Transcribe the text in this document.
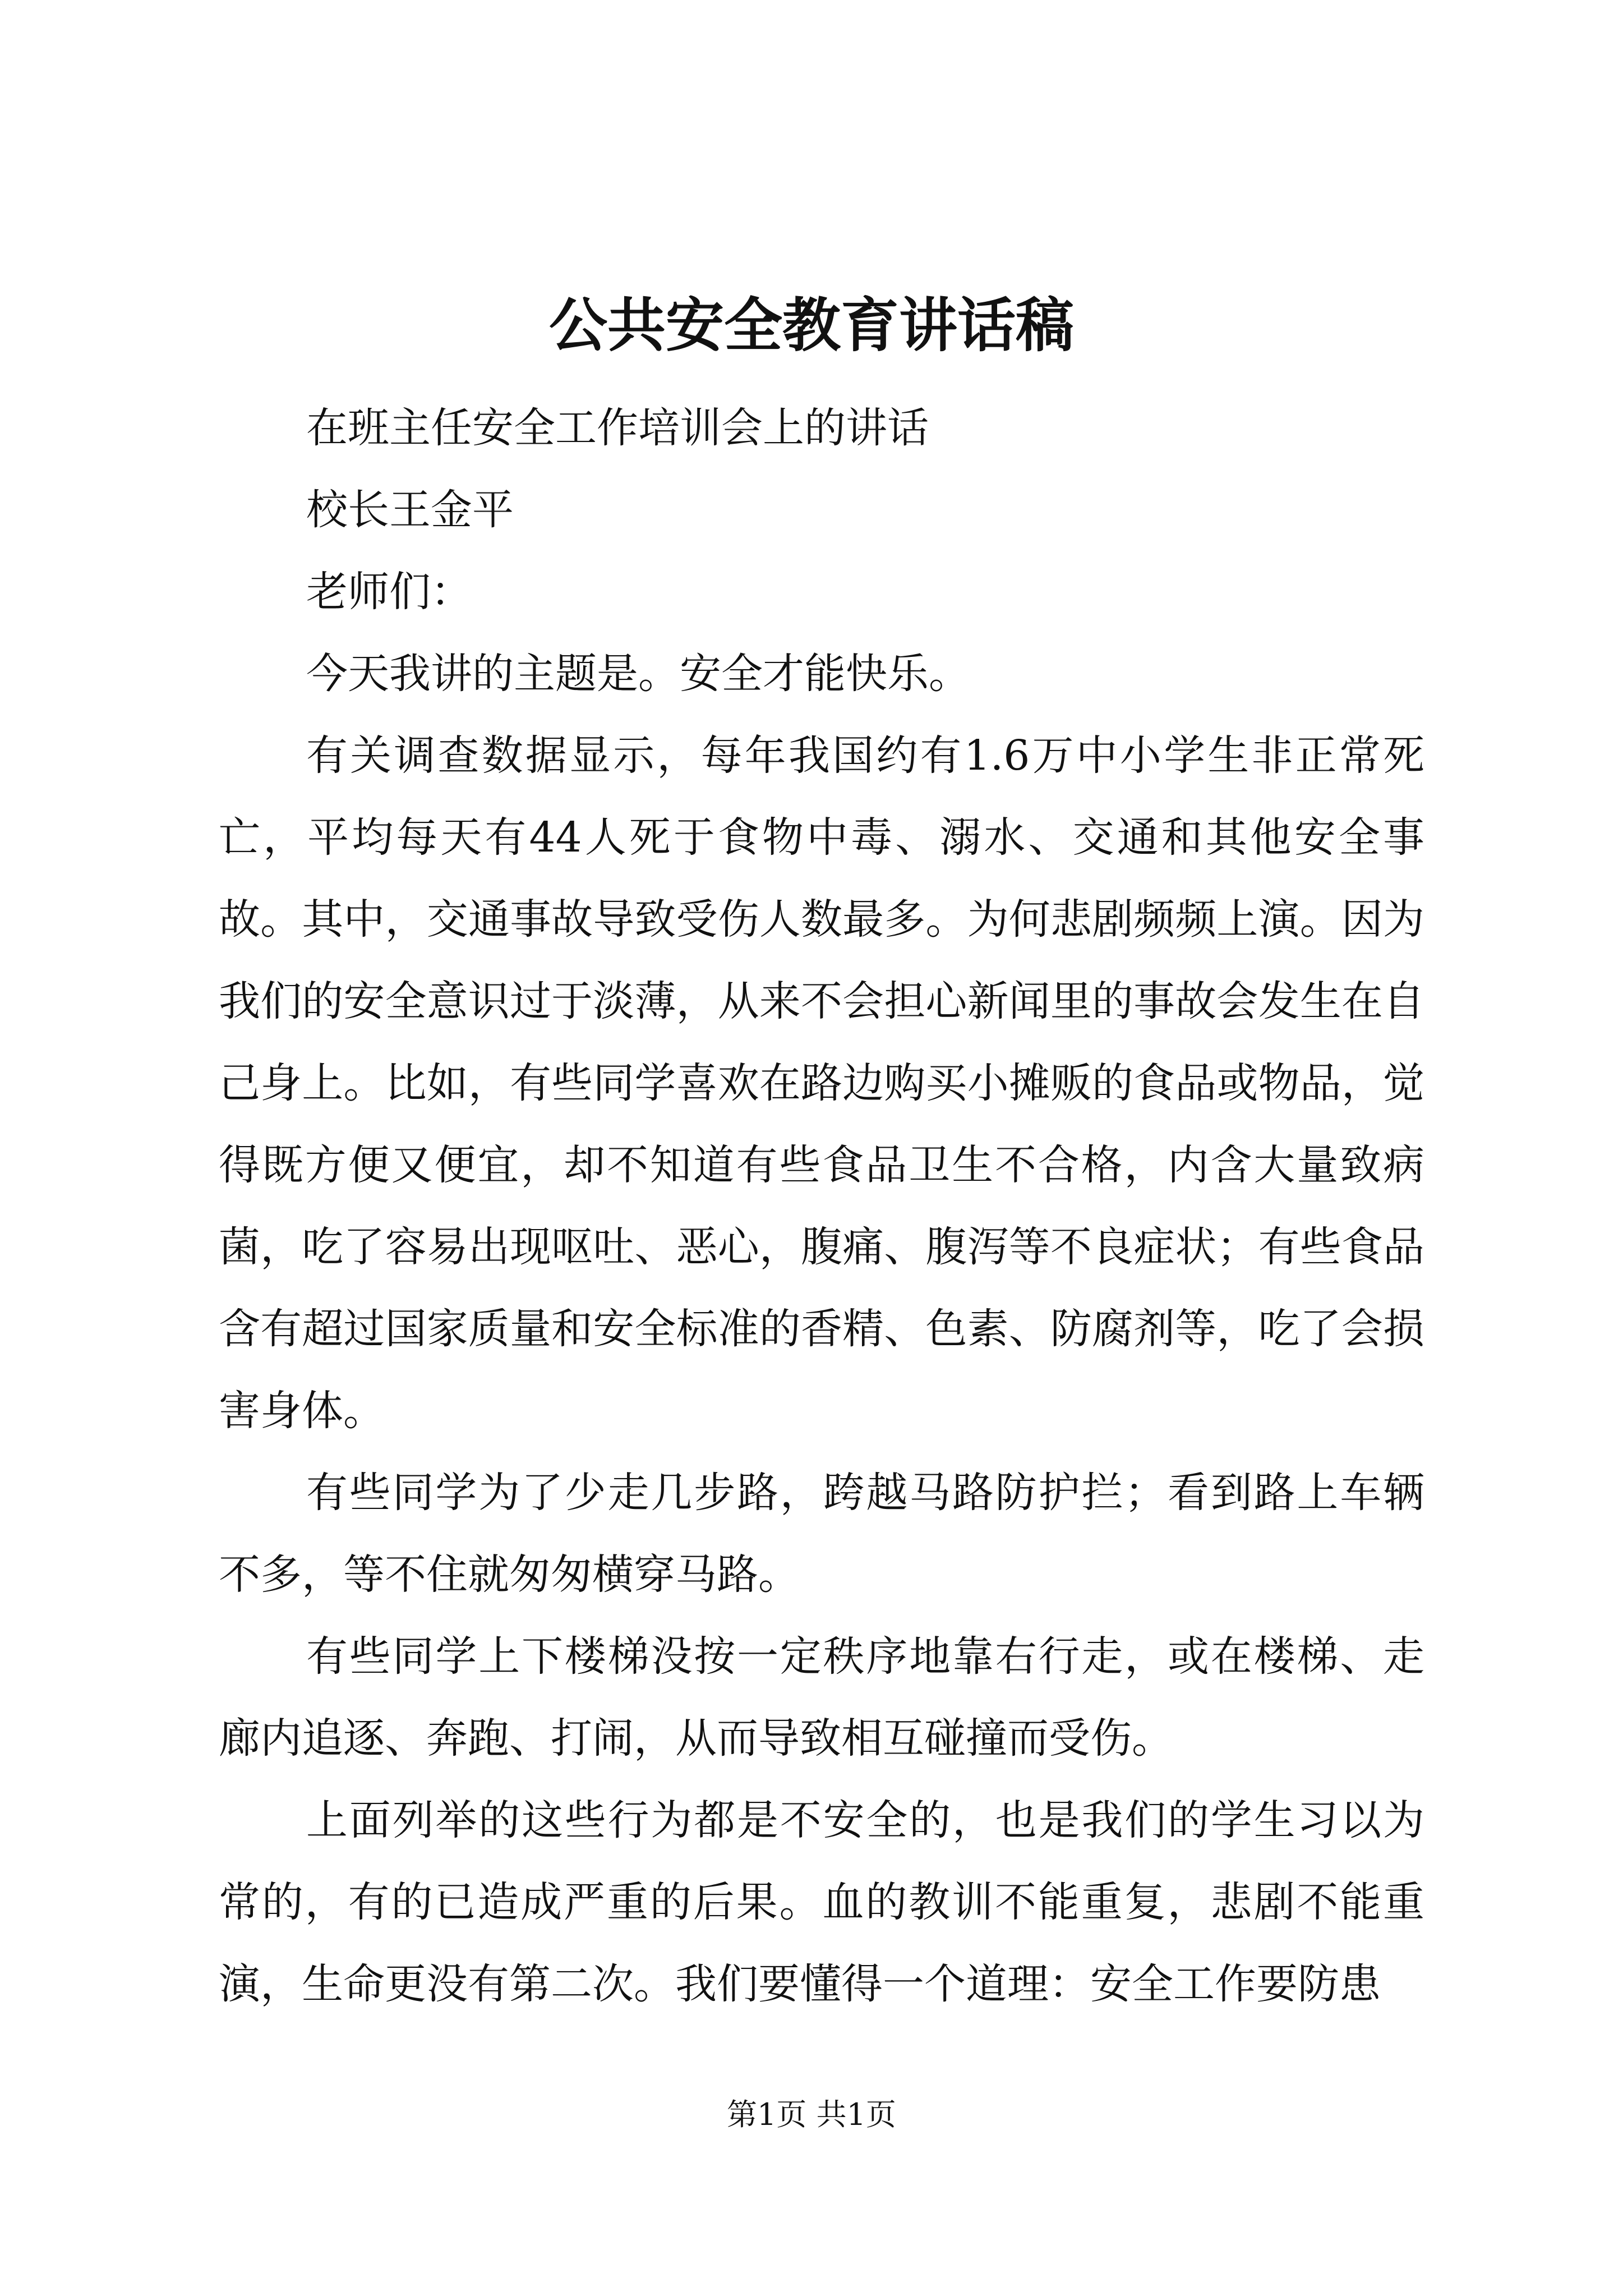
公共安全教育讲话稿

在班主任安全工作培训会上的讲话

校长王金平

老师们：

今天我讲的主题是。安全才能快乐。

有关调查数据显示，每年我国约有1.6万中小学生非正常死亡，平均每天有44人死于食物中毒、溺水、交通和其他安全事故。其中，交通事故导致受伤人数最多。为何悲剧频频上演。因为我们的安全意识过于淡薄，从来不会担心新闻里的事故会发生在自己身上。比如，有些同学喜欢在路边购买小摊贩的食品或物品，觉得既方便又便宜，却不知道有些食品卫生不合格，内含大量致病菌，吃了容易出现呕吐、恶心，腹痛、腹泻等不良症状；有些食品含有超过国家质量和安全标准的香精、色素、防腐剂等，吃了会损害身体。

有些同学为了少走几步路，跨越马路防护拦；看到路上车辆不多，等不住就匆匆横穿马路。

有些同学上下楼梯没按一定秩序地靠右行走，或在楼梯、走廊内追逐、奔跑、打闹，从而导致相互碰撞而受伤。

上面列举的这些行为都是不安全的，也是我们的学生习以为常的，有的已造成严重的后果。血的教训不能重复，悲剧不能重演，生命更没有第二次。我们要懂得一个道理：安全工作要防患

第1页 共1页
